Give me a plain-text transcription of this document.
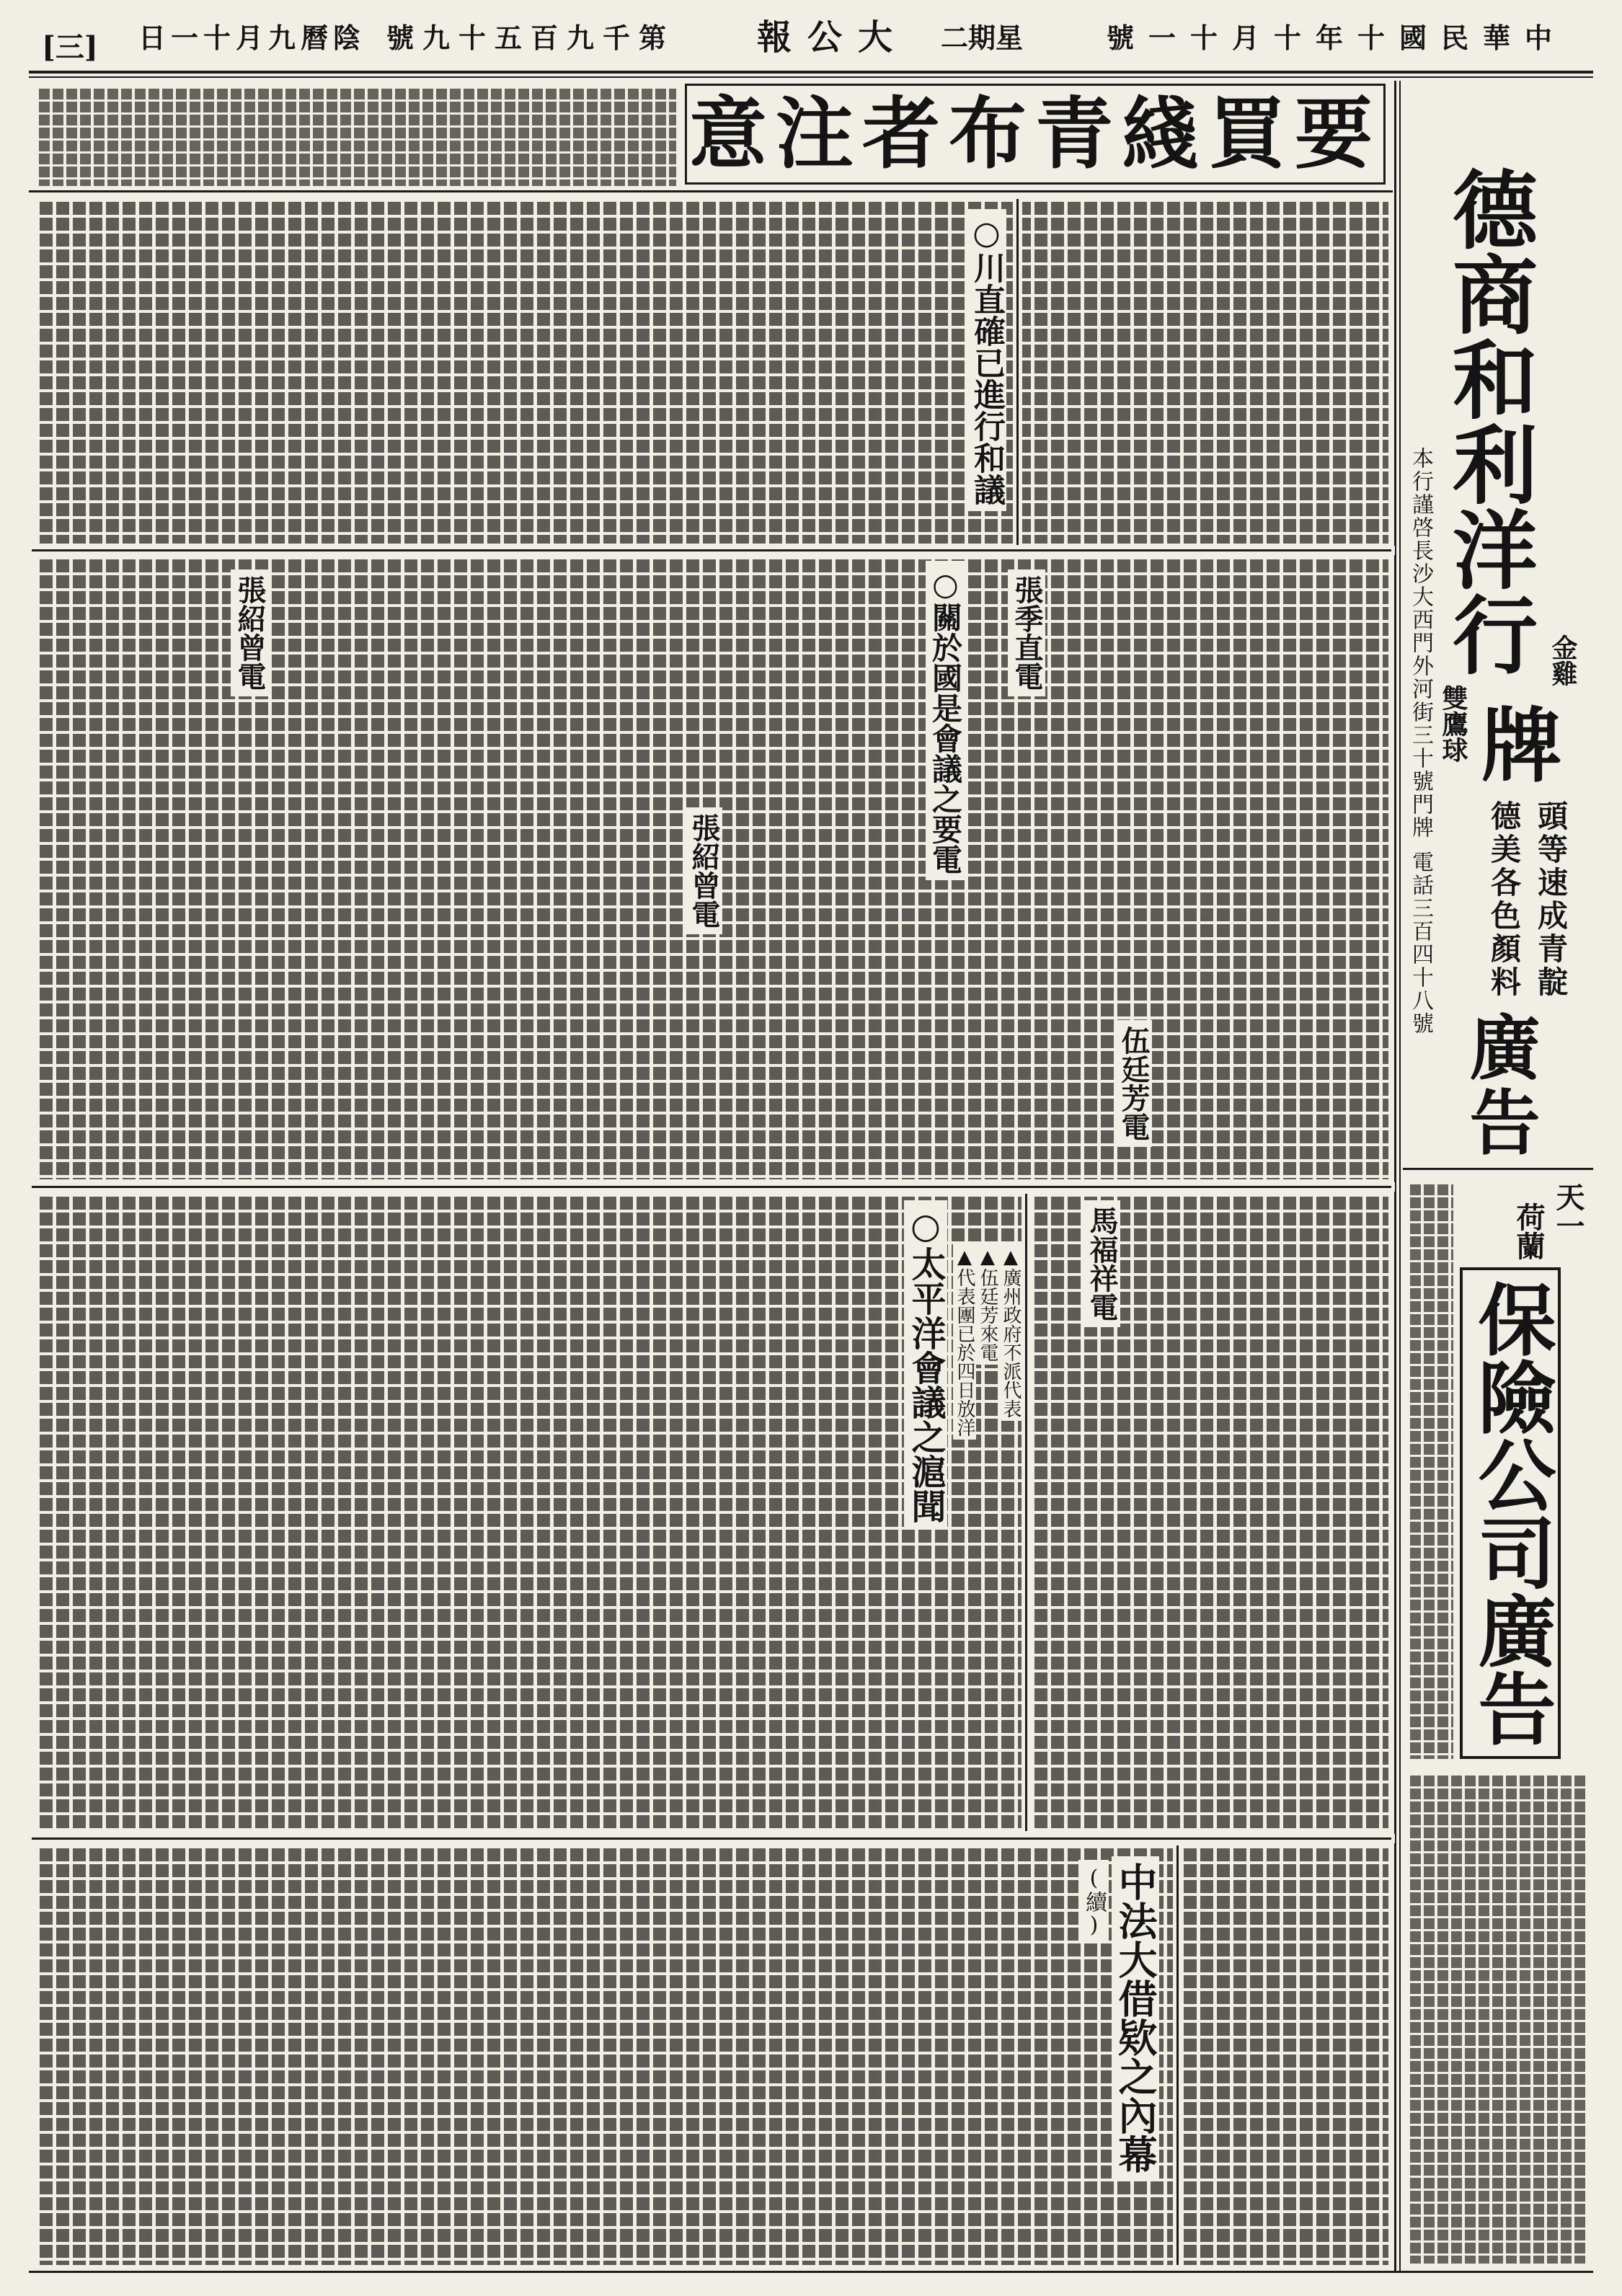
[三] 陰曆九月十一日 第千九百五十九號 大公報 星期二	中華民國十年十月十一號
要買綫青布者注意
○川直確已進行和議
○關於國是會議之要電 張季直電
張紹曾電
張紹曾電
伍廷芳電
馬福祥電
○太平洋會議之滬聞	▲廣州政府不派代表
▲伍廷芳來電
▲代表團已於四日放洋
中法大借欵之內幕
(續)
德商和利洋行 金雞
雙鷹球 牌
頭等速成青靛
德美各色顏料
廣告
本行謹啓長沙大西門外河街三十號門牌
電話三百四十八號
天一
荷蘭
保險公司廣告
